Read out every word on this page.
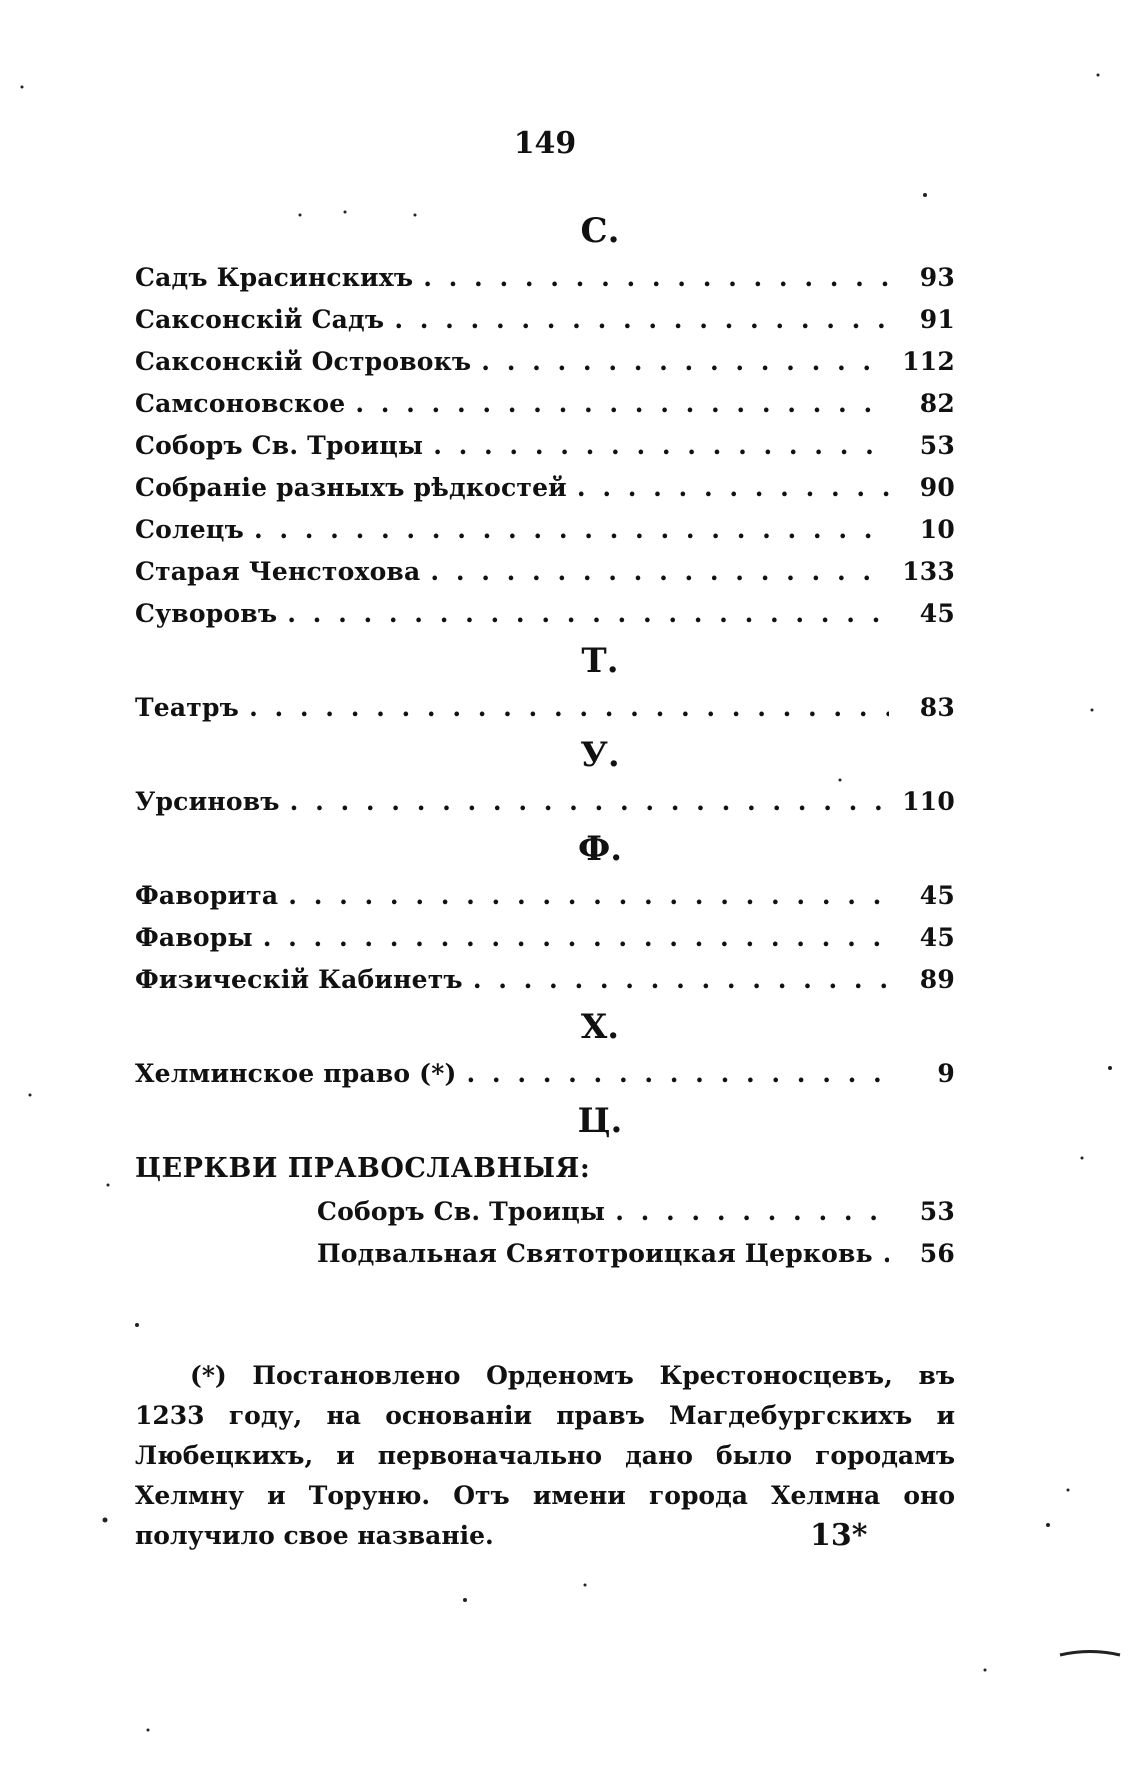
149
С.
Садъ Красинскихъ . . .	93
Саксонскій Садъ . . .	91
Саксонскій Островокъ . . .	112
Самсоновское . . .	82
Соборъ Св. Троицы . . .	53
Собраніе разныхъ рѣдкостей . . .	90
Солецъ . . .	10
Старая Ченстохова . . .	133
Суворовъ . . .	45
Т.
Театръ . . .	83
У.
Урсиновъ . . .	110
Ф.
Фаворита . . .	45
Фаворы . . .	45
Физическій Кабинетъ . . .	89
Х.
Хелминское право (*) . . .	9
Ц.
ЦЕРКВИ ПРАВОСЛАВНЫЯ:
Соборъ Св. Троицы . . .	53
Подвальная Святотроицкая Церковь . . .	56
(*) Постановлено Орденомъ Крестоносцевъ, въ 1233 году, на основаніи правъ Магдебургскихъ и Любецкихъ, и первоначально дано было городамъ Хелмну и Торуню. Отъ имени города Хелмна оно получило свое названіе.	13*
